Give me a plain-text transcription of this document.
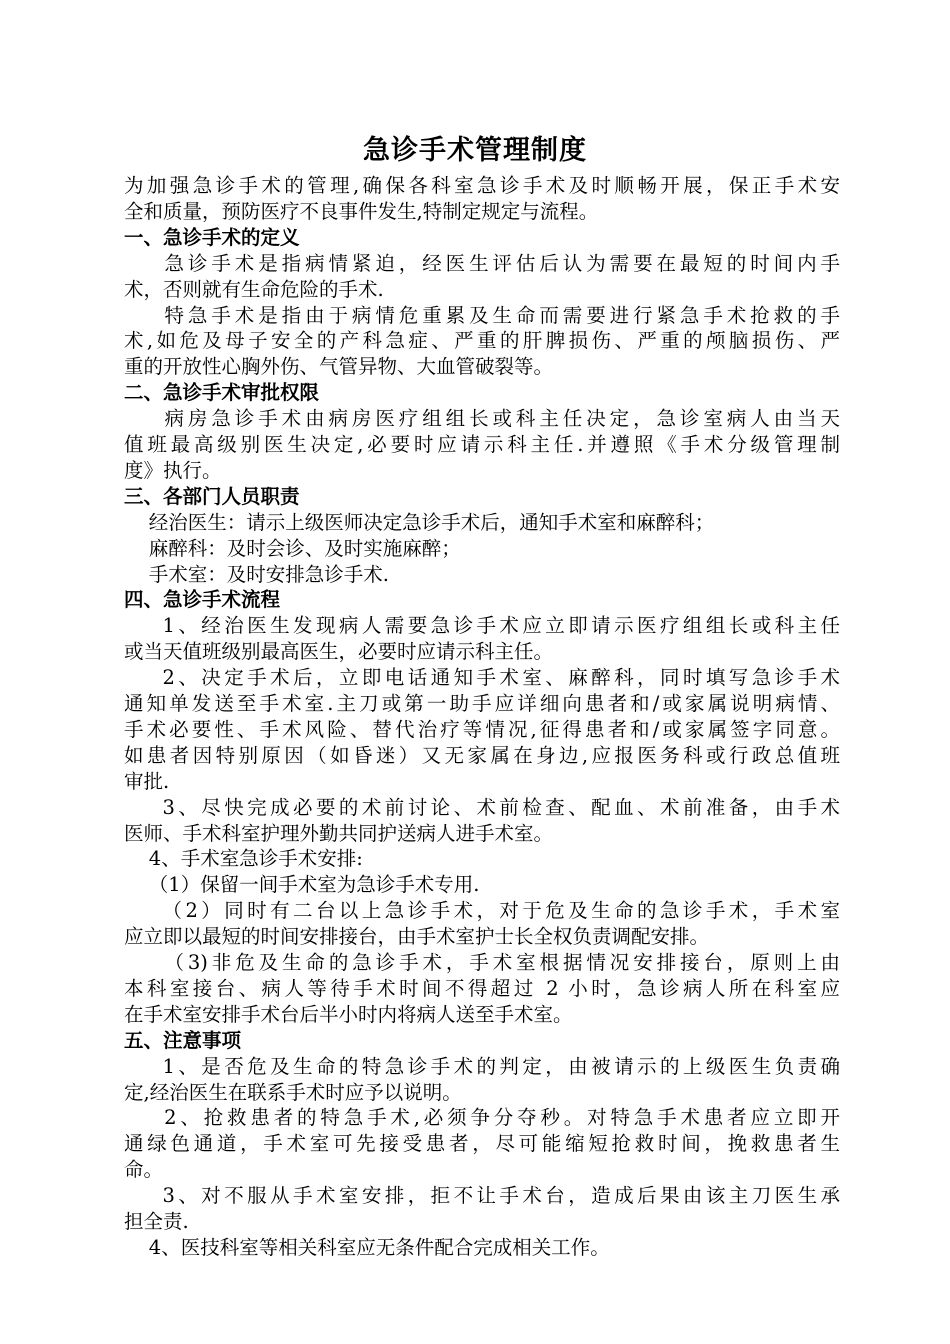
急诊手术管理制度
为加强急诊手术的管理,确保各科室急诊手术及时顺畅开展，保正手术安
全和质量，预防医疗不良事件发生,特制定规定与流程。
一、急诊手术的定义
急诊手术是指病情紧迫，经医生评估后认为需要在最短的时间内手
术，否则就有生命危险的手术.
特急手术是指由于病情危重累及生命而需要进行紧急手术抢救的手
术,如危及母子安全的产科急症、严重的肝脾损伤、严重的颅脑损伤、严
重的开放性心胸外伤、气管异物、大血管破裂等。
二、急诊手术审批权限
病房急诊手术由病房医疗组组长或科主任决定，急诊室病人由当天
值班最高级别医生决定,必要时应请示科主任.并遵照《手术分级管理制
度》执行。
三、各部门人员职责
经治医生：请示上级医师决定急诊手术后，通知手术室和麻醉科；
麻醉科：及时会诊、及时实施麻醉；
手术室：及时安排急诊手术.
四、急诊手术流程
1、经治医生发现病人需要急诊手术应立即请示医疗组组长或科主任
或当天值班级别最高医生，必要时应请示科主任。
2、决定手术后，立即电话通知手术室、麻醉科，同时填写急诊手术
通知单发送至手术室.主刀或第一助手应详细向患者和/或家属说明病情、
手术必要性、手术风险、替代治疗等情况,征得患者和/或家属签字同意。
如患者因特别原因（如昏迷）又无家属在身边,应报医务科或行政总值班
审批.
3、尽快完成必要的术前讨论、术前检查、配血、术前准备，由手术
医师、手术科室护理外勤共同护送病人进手术室。
4、手术室急诊手术安排:
（1）保留一间手术室为急诊手术专用.
（2）同时有二台以上急诊手术，对于危及生命的急诊手术，手术室
应立即以最短的时间安排接台，由手术室护士长全权负责调配安排。
（3)非危及生命的急诊手术，手术室根据情况安排接台，原则上由
本科室接台、病人等待手术时间不得超过 2 小时，急诊病人所在科室应
在手术室安排手术台后半小时内将病人送至手术室。
五、注意事项
1、是否危及生命的特急诊手术的判定，由被请示的上级医生负责确
定,经治医生在联系手术时应予以说明。
2、抢救患者的特急手术,必须争分夺秒。对特急手术患者应立即开
通绿色通道，手术室可先接受患者，尽可能缩短抢救时间，挽救患者生
命。
3、对不服从手术室安排，拒不让手术台，造成后果由该主刀医生承
担全责.
4、医技科室等相关科室应无条件配合完成相关工作。
